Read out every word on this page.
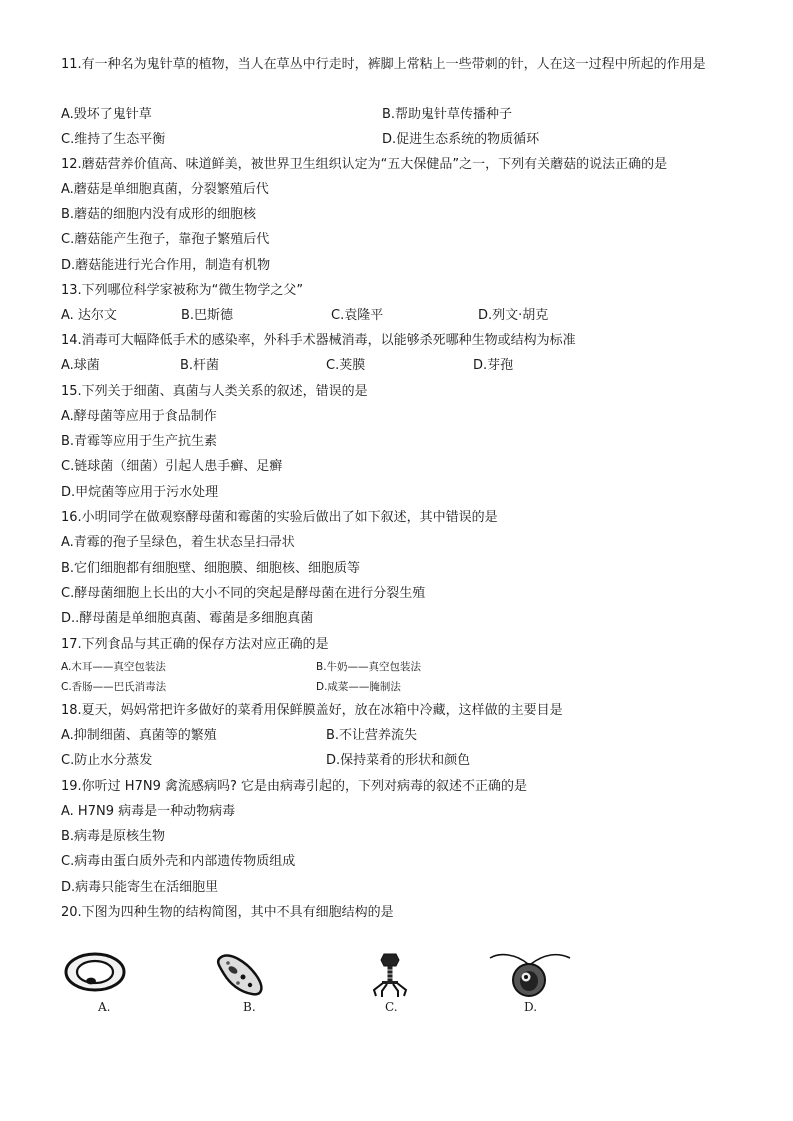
11.有一种名为鬼针草的植物，当人在草丛中行走时，裤脚上常粘上一些带刺的针，人在这一过程中所起的作用是
A.毁坏了鬼针草	B.帮助鬼针草传播种子
C.维持了生态平衡	D.促进生态系统的物质循环
12.蘑菇营养价值高、味道鲜美，被世界卫生组织认定为“五大保健品”之一，下列有关蘑菇的说法正确的是
A.蘑菇是单细胞真菌，分裂繁殖后代
B.蘑菇的细胞内没有成形的细胞核
C.蘑菇能产生孢子，靠孢子繁殖后代
D.蘑菇能进行光合作用，制造有机物
13.下列哪位科学家被称为“微生物学之父”
A. 达尔文	B.巴斯德	C.袁隆平	D.列文·胡克
14.消毒可大幅降低手术的感染率，外科手术器械消毒，以能够杀死哪种生物或结构为标准
A.球菌	B.杆菌	C.荚膜	D.芽孢
15.下列关于细菌、真菌与人类关系的叙述，错误的是
A.酵母菌等应用于食品制作
B.青霉等应用于生产抗生素
C.链球菌（细菌）引起人患手癣、足癣
D.甲烷菌等应用于污水处理
16.小明同学在做观察酵母菌和霉菌的实验后做出了如下叙述，其中错误的是
A.青霉的孢子呈绿色，着生状态呈扫帚状
B.它们细胞都有细胞壁、细胞膜、细胞核、细胞质等
C.酵母菌细胞上长出的大小不同的突起是酵母菌在进行分裂生殖
D..酵母菌是单细胞真菌、霉菌是多细胞真菌
17.下列食品与其正确的保存方法对应正确的是
A.木耳——真空包装法	B.牛奶——真空包装法
C.香肠——巴氏消毒法	D.咸菜——腌制法
18.夏天，妈妈常把许多做好的菜肴用保鲜膜盖好，放在冰箱中冷藏，这样做的主要目是
A.抑制细菌、真菌等的繁殖	B.不让营养流失
C.防止水分蒸发	D.保持菜肴的形状和颜色
19.你听过 H7N9 禽流感病吗? 它是由病毒引起的，下列对病毒的叙述不正确的是
A. H7N9 病毒是一种动物病毒
B.病毒是原核生物
C.病毒由蛋白质外壳和内部遗传物质组成
D.病毒只能寄生在活细胞里
20.下图为四种生物的结构简图，其中不具有细胞结构的是
A.	B.	C.	D.
